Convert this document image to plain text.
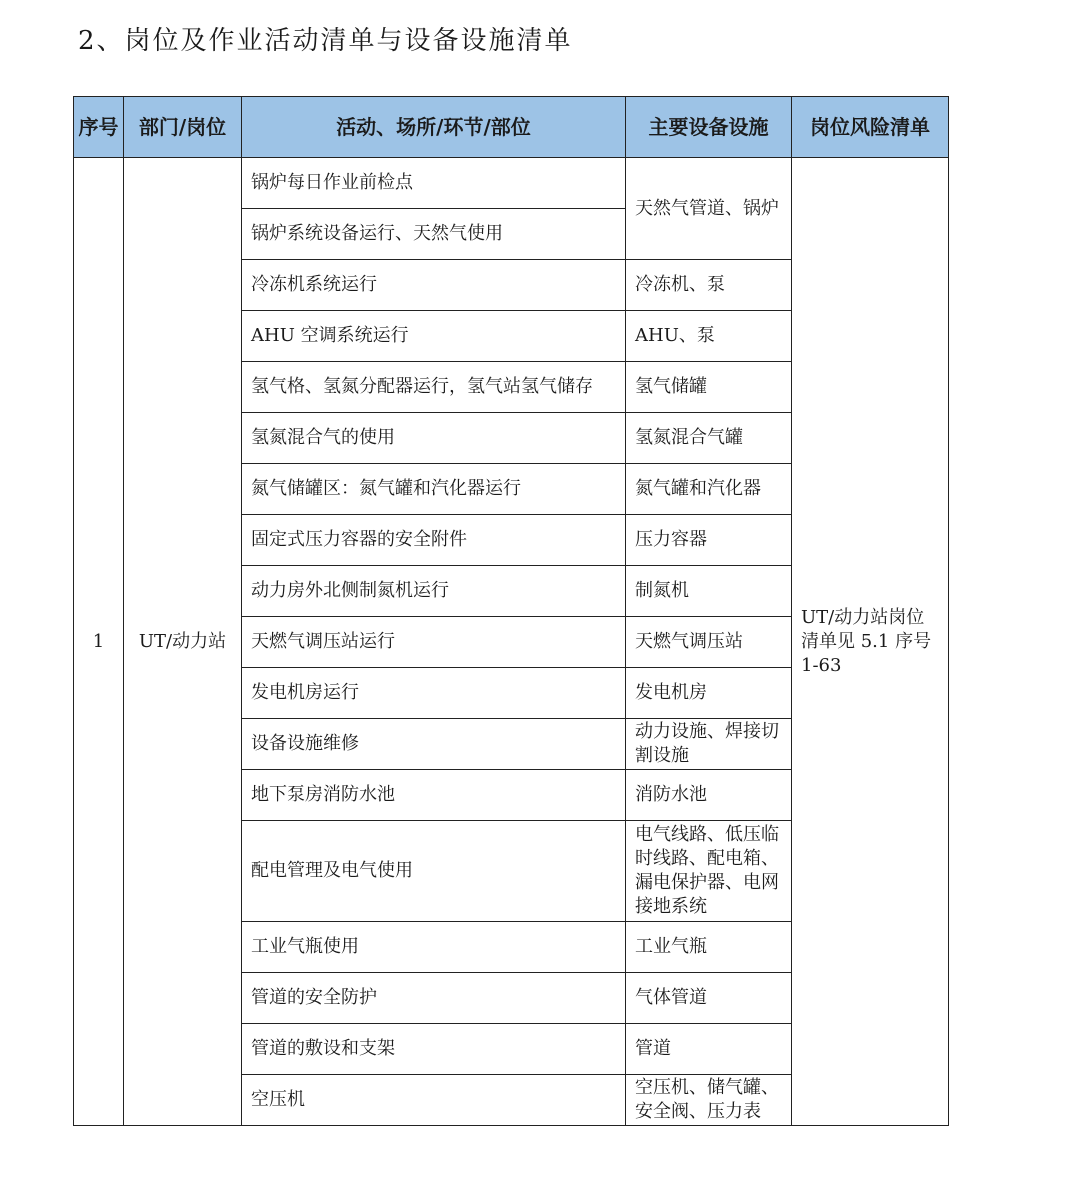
2、岗位及作业活动清单与设备设施清单
序号	部门/岗位	活动、场所/环节/部位	主要设备设施	岗位风险清单
1	UT/动力站	锅炉每日作业前检点	天然气管道、锅炉	UT/动力站岗位清单见 5.1 序号 1-63
		锅炉系统设备运行、天然气使用		
		冷冻机系统运行	冷冻机、泵	
		AHU 空调系统运行	AHU、泵	
		氢气格、氢氮分配器运行，氢气站氢气储存	氢气储罐	
		氢氮混合气的使用	氢氮混合气罐	
		氮气储罐区：氮气罐和汽化器运行	氮气罐和汽化器	
		固定式压力容器的安全附件	压力容器	
		动力房外北侧制氮机运行	制氮机	
		天燃气调压站运行	天燃气调压站	
		发电机房运行	发电机房	
		设备设施维修	动力设施、焊接切割设施	
		地下泵房消防水池	消防水池	
		配电管理及电气使用	电气线路、低压临时线路、配电箱、漏电保护器、电网接地系统	
		工业气瓶使用	工业气瓶	
		管道的安全防护	气体管道	
		管道的敷设和支架	管道	
		空压机	空压机、储气罐、安全阀、压力表	
